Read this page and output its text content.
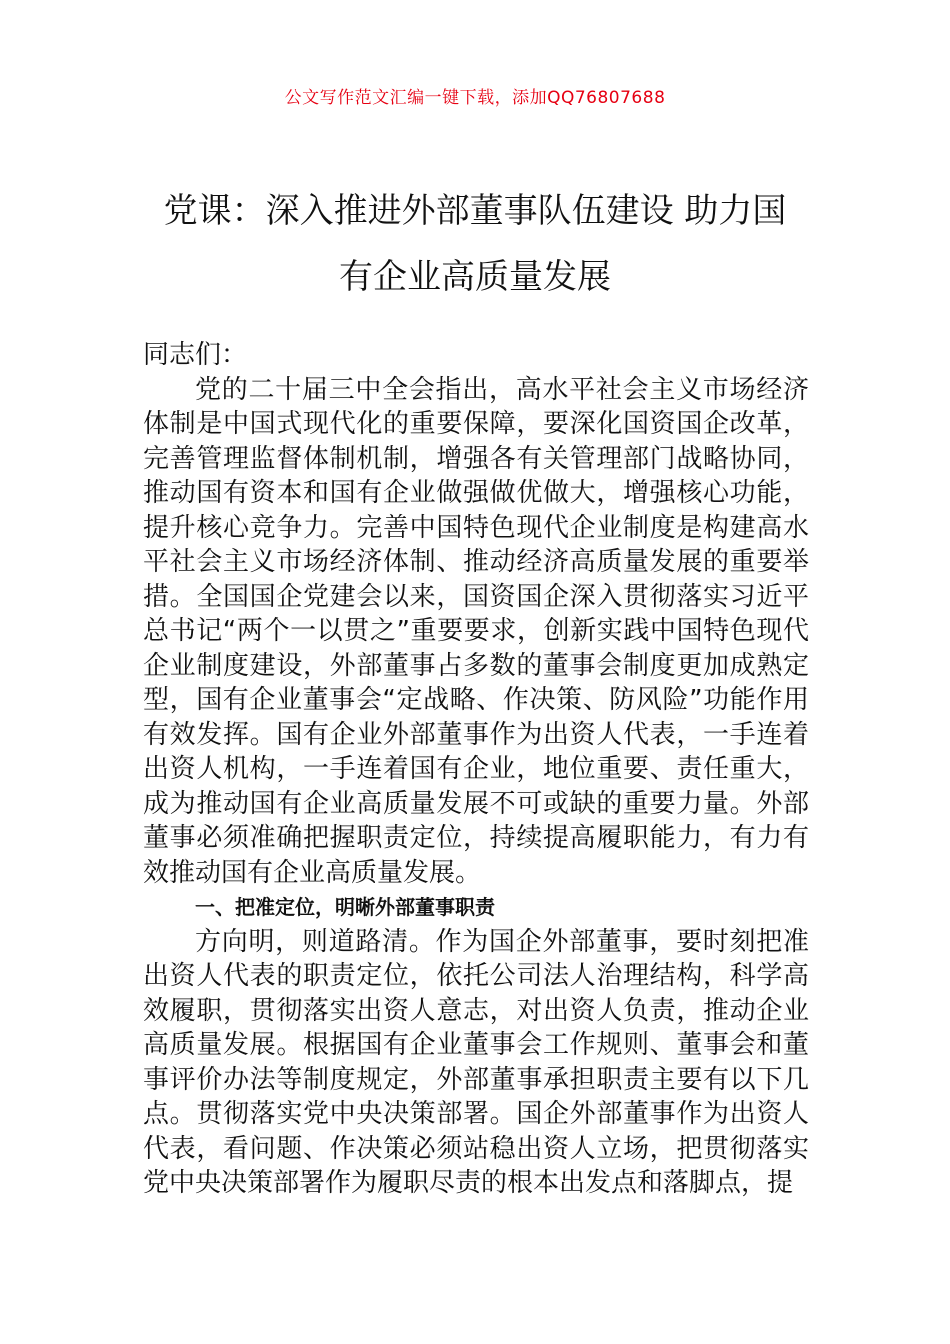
公文写作范文汇编一键下载，添加QQ76807688
党课：深入推进外部董事队伍建设 助力国
有企业高质量发展

同志们：

党的二十届三中全会指出，高水平社会主义市场经济体制是中国式现代化的重要保障，要深化国资国企改革，完善管理监督体制机制，增强各有关管理部门战略协同，推动国有资本和国有企业做强做优做大，增强核心功能，提升核心竞争力。完善中国特色现代企业制度是构建高水平社会主义市场经济体制、推动经济高质量发展的重要举措。全国国企党建会以来，国资国企深入贯彻落实习近平总书记“两个一以贯之”重要要求，创新实践中国特色现代企业制度建设，外部董事占多数的董事会制度更加成熟定型，国有企业董事会“定战略、作决策、防风险”功能作用有效发挥。国有企业外部董事作为出资人代表，一手连着出资人机构，一手连着国有企业，地位重要、责任重大，成为推动国有企业高质量发展不可或缺的重要力量。外部董事必须准确把握职责定位，持续提高履职能力，有力有效推动国有企业高质量发展。

一、把准定位，明晰外部董事职责

方向明，则道路清。作为国企外部董事，要时刻把准出资人代表的职责定位，依托公司法人治理结构，科学高效履职，贯彻落实出资人意志，对出资人负责，推动企业高质量发展。根据国有企业董事会工作规则、董事会和董事评价办法等制度规定，外部董事承担职责主要有以下几点。贯彻落实党中央决策部署。国企外部董事作为出资人代表，看问题、作决策必须站稳出资人立场，把贯彻落实党中央决策部署作为履职尽责的根本出发点和落脚点，提
